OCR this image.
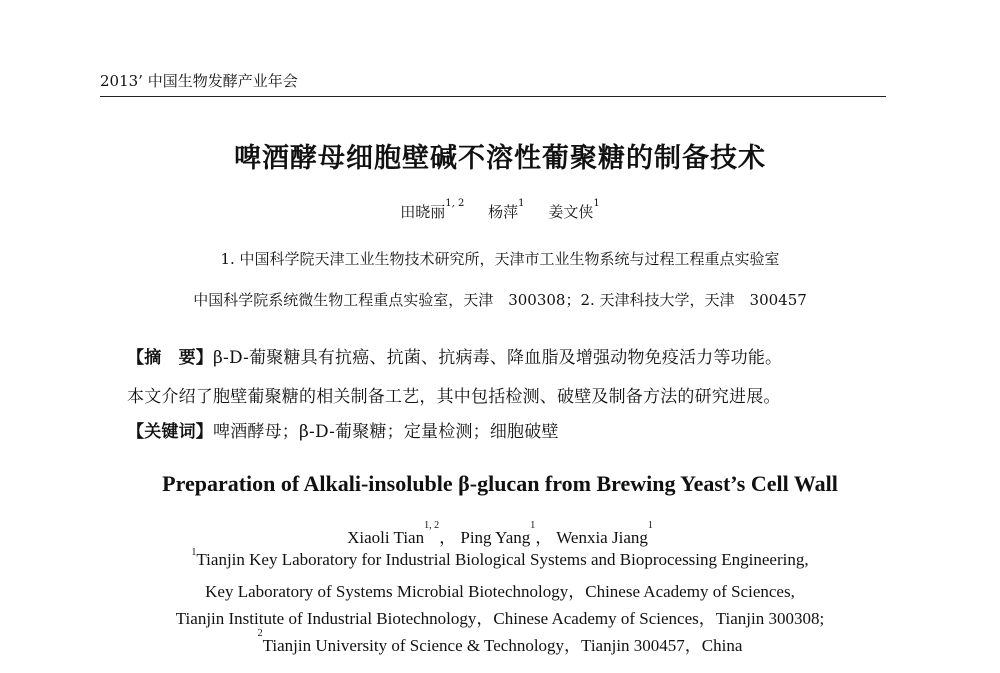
2013’ 中国生物发酵产业年会
啤酒酵母细胞壁碱不溶性葡聚糖的制备技术
田晓丽$^{1, 2}$ 杨萍$^1$ 姜文侠$^1$
1. 中国科学院天津工业生物技术研究所，天津市工业生物系统与过程工程重点实验室
中国科学院系统微生物工程重点实验室，天津　300308；2. 天津科技大学，天津　300457
【摘　要】β-D-葡聚糖具有抗癌、抗菌、抗病毒、降血脂及增强动物免疫活力等功能。
本文介绍了胞壁葡聚糖的相关制备工艺，其中包括检测、破壁及制备方法的研究进展。
【关键词】啤酒酵母；β-D-葡聚糖；定量检测；细胞破壁
Preparation of Alkali-insoluble β-glucan from Brewing Yeast’s Cell Wall
Xiaoli Tian$^{1, 2}$， Ping Yang$^1$， Wenxia Jiang$^1$
$^1$Tianjin Key Laboratory for Industrial Biological Systems and Bioprocessing Engineering,
Key Laboratory of Systems Microbial Biotechnology，Chinese Academy of Sciences,
Tianjin Institute of Industrial Biotechnology，Chinese Academy of Sciences，Tianjin 300308;
$^2$Tianjin University of Science & Technology，Tianjin 300457，China
